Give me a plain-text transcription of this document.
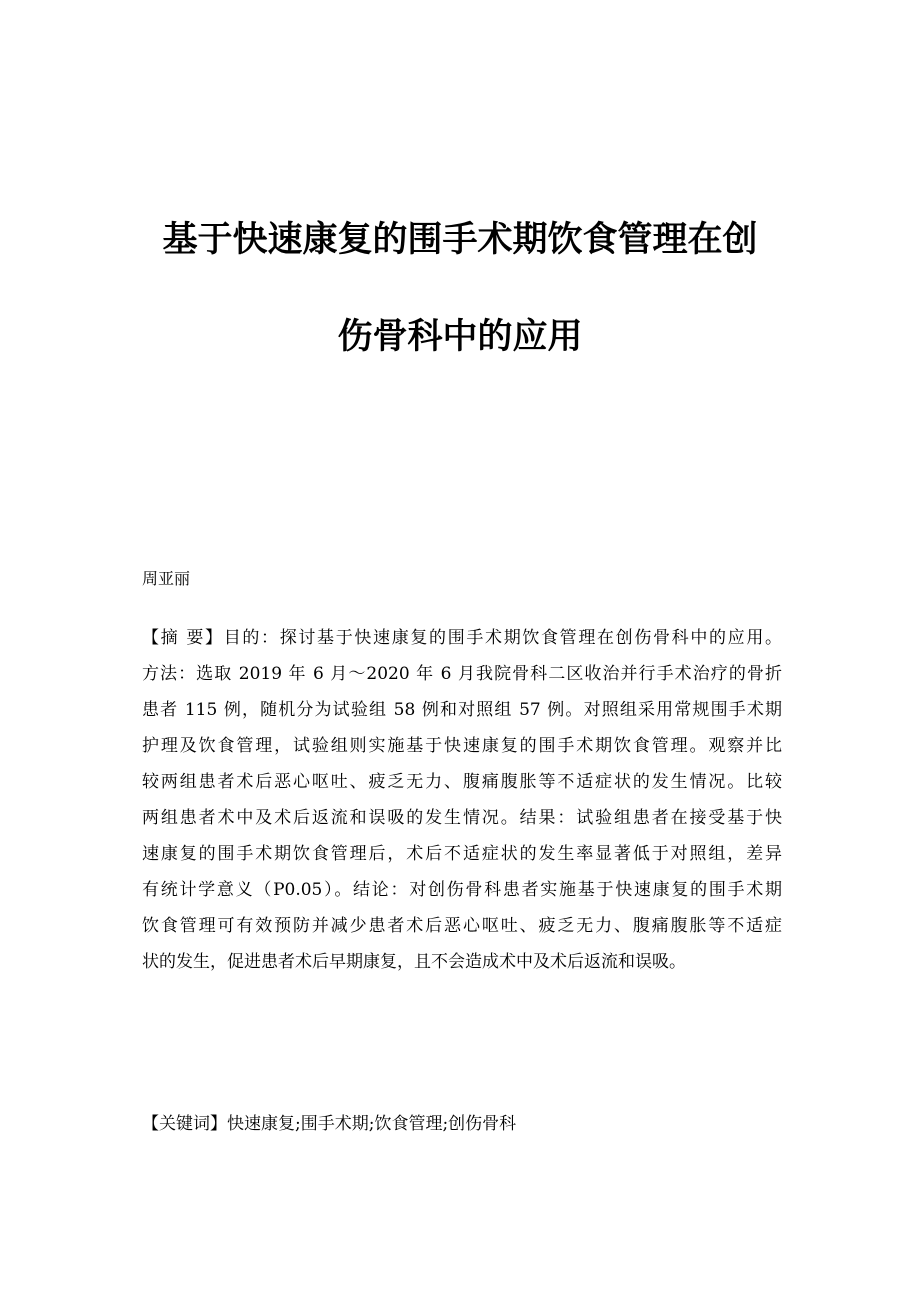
基于快速康复的围手术期饮食管理在创
伤骨科中的应用
周亚丽
【摘 要】目的：探讨基于快速康复的围手术期饮食管理在创伤骨科中的应用。
方法：选取 2019 年 6 月～2020 年 6 月我院骨科二区收治并行手术治疗的骨折
患者 115 例，随机分为试验组 58 例和对照组 57 例。对照组采用常规围手术期
护理及饮食管理，试验组则实施基于快速康复的围手术期饮食管理。观察并比
较两组患者术后恶心呕吐、疲乏无力、腹痛腹胀等不适症状的发生情况。比较
两组患者术中及术后返流和误吸的发生情况。结果：试验组患者在接受基于快
速康复的围手术期饮食管理后，术后不适症状的发生率显著低于对照组，差异
有统计学意义（P0.05）。结论：对创伤骨科患者实施基于快速康复的围手术期
饮食管理可有效预防并减少患者术后恶心呕吐、疲乏无力、腹痛腹胀等不适症
状的发生，促进患者术后早期康复，且不会造成术中及术后返流和误吸。
【关键词】快速康复;围手术期;饮食管理;创伤骨科
